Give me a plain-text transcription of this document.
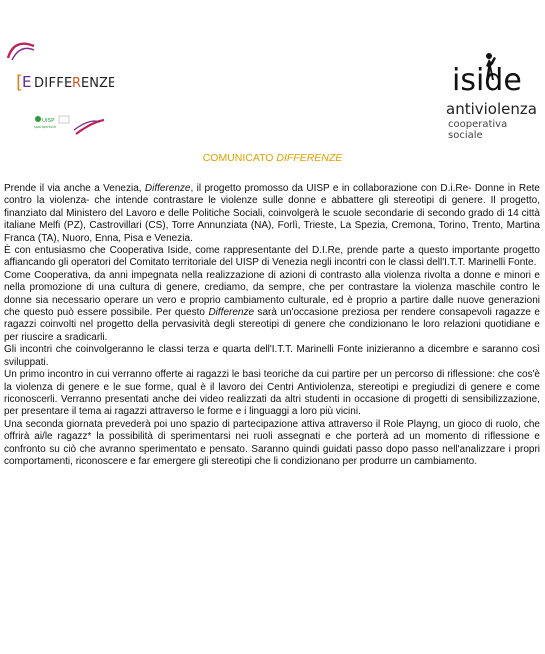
[
E DIFFE R ENZE
UISP
sportpertutti
iside
antiviolenza
cooperativa sociale
COMUNICATO DIFFERENZE

Prende il via anche a Venezia, Differenze, il progetto promosso da UISP e in collaborazione con D.i.Re- Donne in Rete contro la violenza- che intende contrastare le violenze sulle donne e abbattere gli stereotipi di genere. Il progetto, finanziato dal Ministero del Lavoro e delle Politiche Sociali, coinvolgerà le scuole secondarie di secondo grado di 14 città italiane Melfi (PZ), Castrovillari (CS), Torre Annunziata (NA), Forlì, Trieste, La Spezia, Cremona, Torino, Trento, Martina Franca (TA), Nuoro, Enna, Pisa e Venezia.

È con entusiasmo che Cooperativa Iside, come rappresentante del D.I.Re, prende parte a questo importante progetto affiancando gli operatori del Comitato territoriale del UISP di Venezia negli incontri con le classi dell'I.T.T. Marinelli Fonte.

Come Cooperativa, da anni impegnata nella realizzazione di azioni di contrasto alla violenza rivolta a donne e minori e nella promozione di una cultura di genere, crediamo, da sempre, che per contrastare la violenza maschile contro le donne sia necessario operare un vero e proprio cambiamento culturale, ed è proprio a partire dalle nuove generazioni che questo può essere possibile. Per questo Differenze sarà un'occasione preziosa per rendere consapevoli ragazze e ragazzi coinvolti nel progetto della pervasività degli stereotipi di genere che condizionano le loro relazioni quotidiane e per riuscire a sradicarli.

Gli incontri che coinvolgeranno le classi terza e quarta dell'I.T.T. Marinelli Fonte inizieranno a dicembre e saranno così sviluppati.

Un primo incontro in cui verranno offerte ai ragazzi le basi teoriche da cui partire per un percorso di riflessione: che cos'è la violenza di genere e le sue forme, qual è il lavoro dei Centri Antiviolenza, stereotipi e pregiudizi di genere e come riconoscerli. Verranno presentati anche dei video realizzati da altri studenti in occasione di progetti di sensibilizzazione, per presentare il tema ai ragazzi attraverso le forme e i linguaggi a loro più vicini.

Una seconda giornata prevederà poi uno spazio di partecipazione attiva attraverso il Role Playng, un gioco di ruolo, che offrirà ai/le ragazz* la possibilità di sperimentarsi nei ruoli assegnati e che porterà ad un momento di riflessione e confronto su ciò che avranno sperimentato e pensato. Saranno quindi guidati passo dopo passo nell'analizzare i propri comportamenti, riconoscere e far emergere gli stereotipi che li condizionano per produrre un cambiamento.
